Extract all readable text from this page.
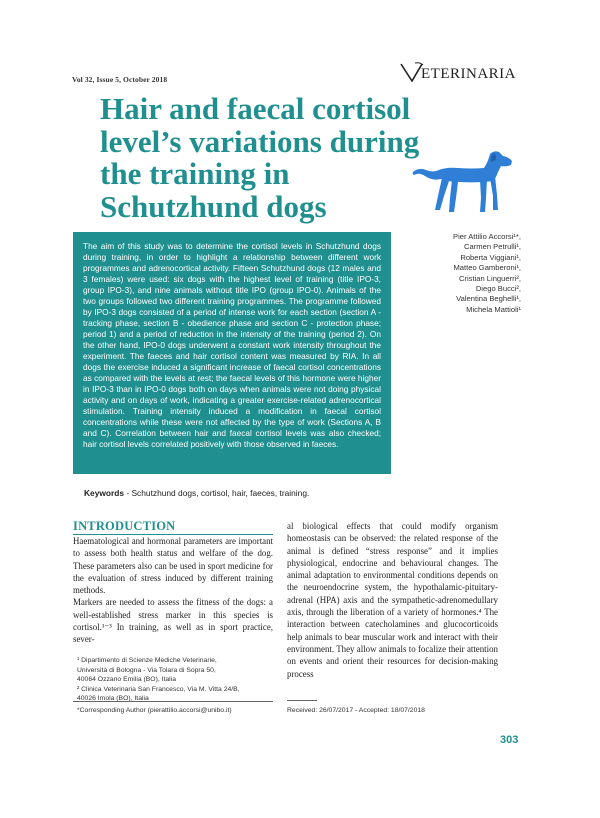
Vol 32, Issue 5, October 2018	ETERINARIA
Hair and faecal cortisol level’s variations during the training in Schutzhund dogs
Pier Attilio Accorsi¹*,
Carmen Petrulli¹,
Roberta Viggiani¹,
Matteo Gamberoni¹,
Cristian Linguerri²,
Diego Bucci²,
Valentina Beghelli¹,
Michela Mattioli¹

The aim of this study was to determine the cortisol levels in Schutzhund dogs during training, in order to highlight a relationship between different work programmes and adrenocortical activity. Fifteen Schutzhund dogs (12 males and 3 females) were used: six dogs with the highest level of training (title IPO-3, group IPO-3), and nine animals without title IPO (group IPO-0). Animals of the two groups followed two different training programmes. The programme followed by IPO-3 dogs consisted of a period of intense work for each section (section A - tracking phase, section B - obedience phase and section C - protection phase; period 1) and a period of reduction in the intensity of the training (period 2). On the other hand, IPO-0 dogs underwent a constant work intensity throughout the experiment. The faeces and hair cortisol content was measured by RIA. In all dogs the exercise induced a significant increase of faecal cortisol concentrations as compared with the levels at rest; the faecal levels of this hormone were higher in IPO-3 than in IPO-0 dogs both on days when animals were not doing physical activity and on days of work, indicating a greater exercise-related adrenocortical stimulation. Training intensity induced a modification in faecal cortisol concentrations while these were not affected by the type of work (Sections A, B and C). Correlation between hair and faecal cortisol levels was also checked; hair cortisol levels correlated positively with those observed in faeces.

Keywords - Schutzhund dogs, cortisol, hair, faeces, training.
INTRODUCTION

Haematological and hormonal parameters are important to assess both health status and welfare of the dog. These parameters also can be used in sport medicine for the evaluation of stress induced by different training methods.

Markers are needed to assess the fitness of the dogs: a well-established stress marker in this species is cortisol.¹⁻³ In training, as well as in sport practice, sever-

al biological effects that could modify organism homeostasis can be observed: the related response of the animal is defined “stress response” and it implies physiological, endocrine and behavioural changes. The animal adaptation to environmental conditions depends on the neuroendocrine system, the hypothalamic-pituitary-adrenal (HPA) axis and the sympathetic-adrenomedullary axis, through the liberation of a variety of hormones.⁴ The interaction between catecholamines and glucocorticoids help animals to bear muscular work and interact with their environment. They allow animals to focalize their attention on events and orient their resources for decision-making process

¹ Dipartimento di Scienze Mediche Veterinarie,
Università di Bologna - Via Tolara di Sopra 50,
40064 Ozzano Emilia (BO), Italia
² Clinica Veterinaria San Francesco, Via M. Vitta 24/B,
40026 Imola (BO), Italia
*Corresponding Author (pierattilio.accorsi@unibo.it)	Received: 26/07/2017 - Accepted: 18/07/2018
303
